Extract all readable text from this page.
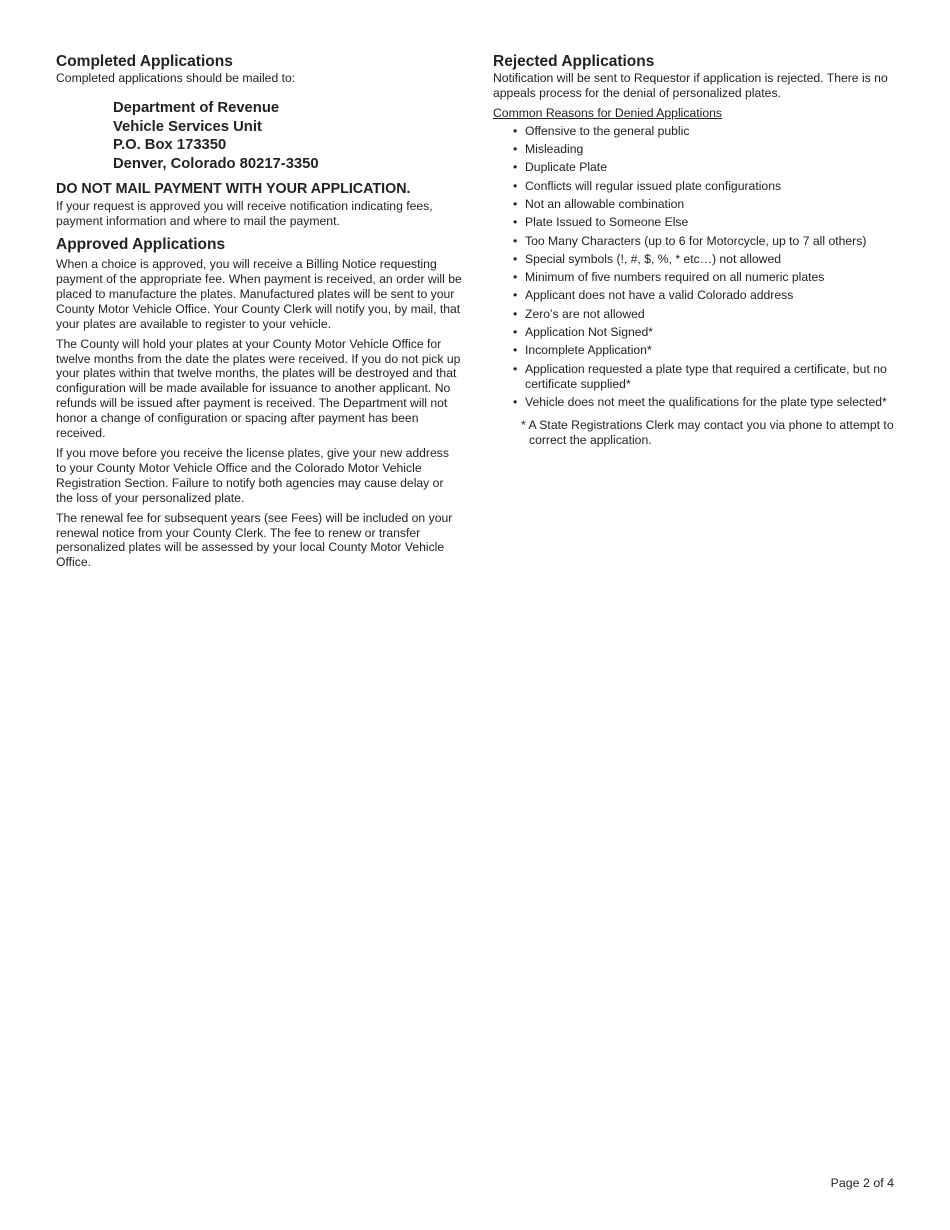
Completed Applications

Completed applications should be mailed to:

Department of Revenue
Vehicle Services Unit
P.O. Box 173350
Denver, Colorado 80217-3350
DO NOT MAIL PAYMENT WITH YOUR APPLICATION.

If your request is approved you will receive notification indicating fees, payment information and where to mail the payment.

Approved Applications

When a choice is approved, you will receive a Billing Notice requesting payment of the appropriate fee. When payment is received, an order will be placed to manufacture the plates. Manufactured plates will be sent to your County Motor Vehicle Office. Your County Clerk will notify you, by mail, that your plates are available to register to your vehicle.

The County will hold your plates at your County Motor Vehicle Office for twelve months from the date the plates were received. If you do not pick up your plates within that twelve months, the plates will be destroyed and that configuration will be made available for issuance to another applicant. No refunds will be issued after payment is received. The Department will not honor a change of configuration or spacing after payment has been received.

If you move before you receive the license plates, give your new address to your County Motor Vehicle Office and the Colorado Motor Vehicle Registration Section. Failure to notify both agencies may cause delay or the loss of your personalized plate.

The renewal fee for subsequent years (see Fees) will be included on your renewal notice from your County Clerk. The fee to renew or transfer personalized plates will be assessed by your local County Motor Vehicle Office.

Rejected Applications

Notification will be sent to Requestor if application is rejected. There is no appeals process for the denial of personalized plates.

Common Reasons for Denied Applications
• Offensive to the general public
• Misleading
• Duplicate Plate
• Conflicts will regular issued plate configurations
• Not an allowable combination
• Plate Issued to Someone Else
• Too Many Characters (up to 6 for Motorcycle, up to 7 all others)
• Special symbols (!, #, $, %, * etc…) not allowed
• Minimum of five numbers required on all numeric plates
• Applicant does not have a valid Colorado address
• Zero’s are not allowed
• Application Not Signed*
• Incomplete Application*
• Application requested a plate type that required a certificate, but no certificate supplied*
• Vehicle does not meet the qualifications for the plate type selected*

* A State Registrations Clerk may contact you via phone to attempt to correct the application.

Page 2 of 4
